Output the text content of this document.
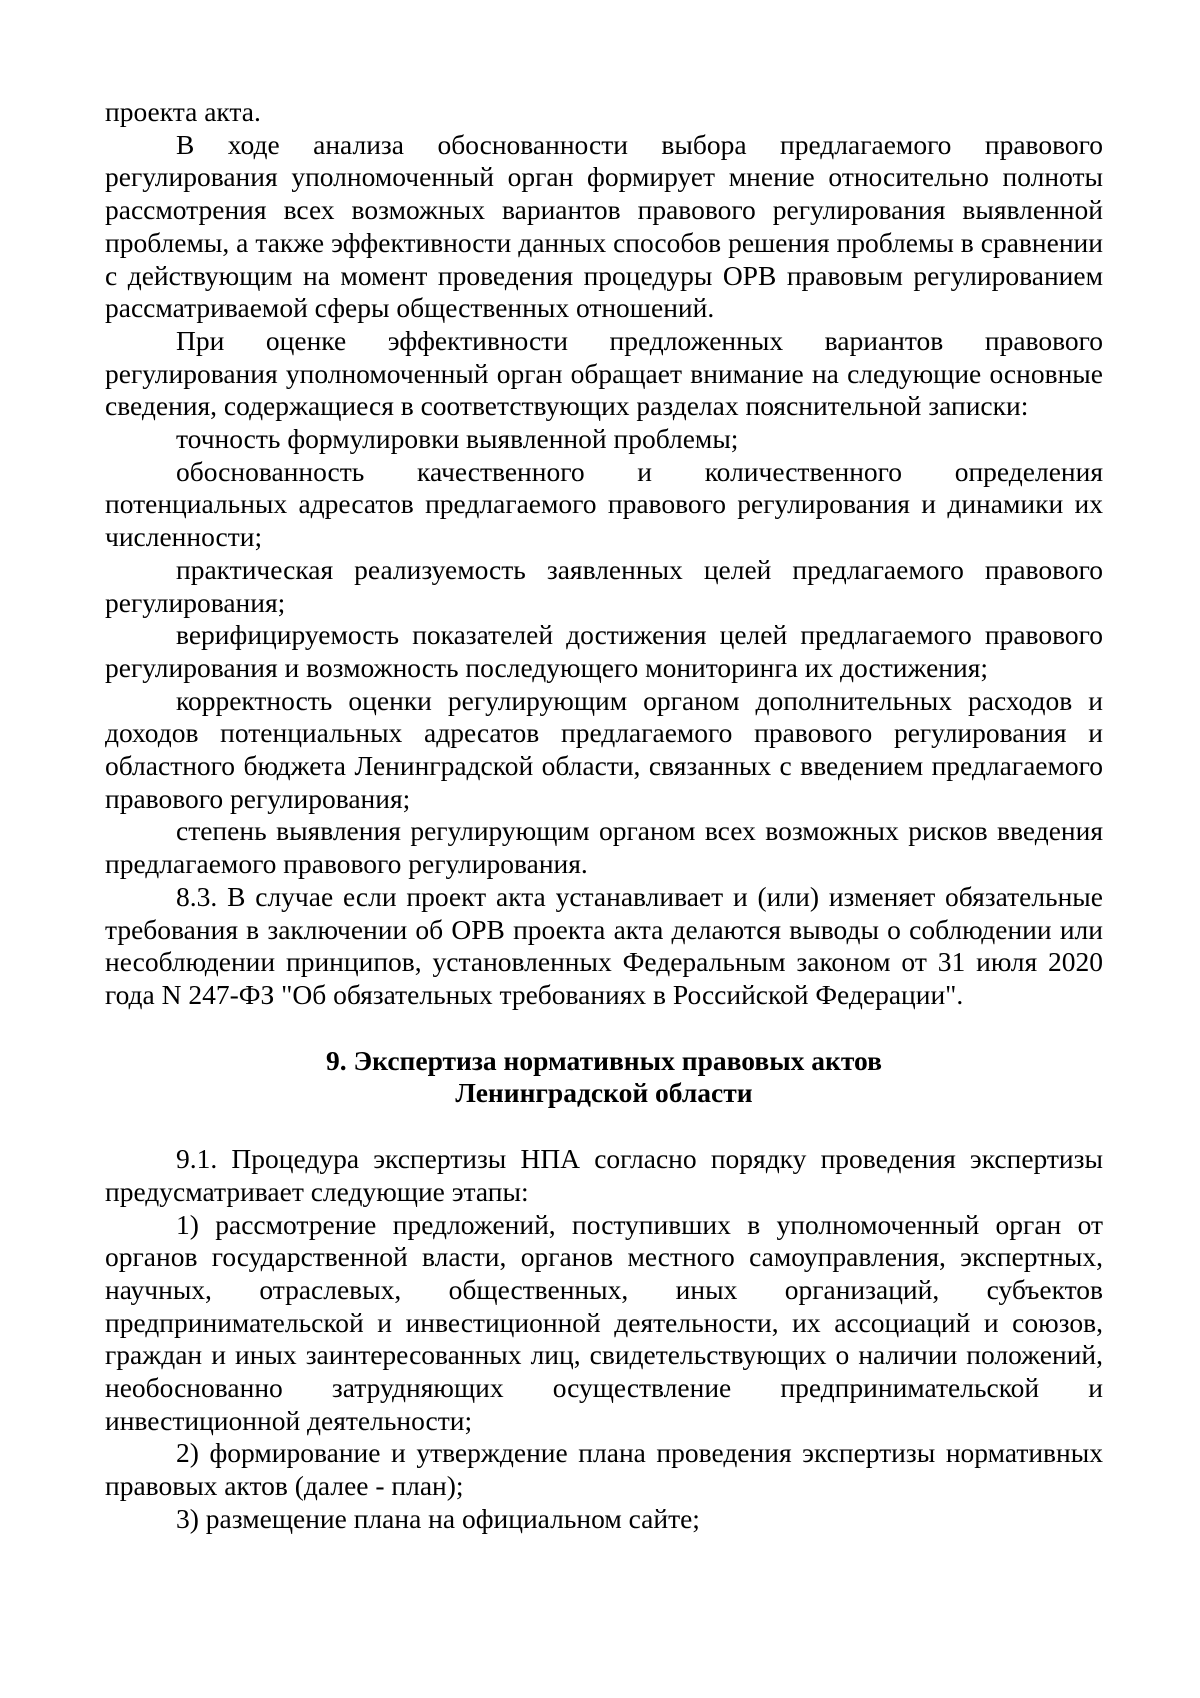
проекта акта.

В ходе анализа обоснованности выбора предлагаемого правового регулирования уполномоченный орган формирует мнение относительно полноты рассмотрения всех возможных вариантов правового регулирования выявленной проблемы, а также эффективности данных способов решения проблемы в сравнении с действующим на момент проведения процедуры ОРВ правовым регулированием рассматриваемой сферы общественных отношений.

При оценке эффективности предложенных вариантов правового регулирования уполномоченный орган обращает внимание на следующие основные сведения, содержащиеся в соответствующих разделах пояснительной записки:

точность формулировки выявленной проблемы;

обоснованность качественного и количественного определения потенциальных адресатов предлагаемого правового регулирования и динамики их численности;

практическая реализуемость заявленных целей предлагаемого правового регулирования;

верифицируемость показателей достижения целей предлагаемого правового регулирования и возможность последующего мониторинга их достижения;

корректность оценки регулирующим органом дополнительных расходов и доходов потенциальных адресатов предлагаемого правового регулирования и областного бюджета Ленинградской области, связанных с введением предлагаемого правового регулирования;

степень выявления регулирующим органом всех возможных рисков введения предлагаемого правового регулирования.

8.3. В случае если проект акта устанавливает и (или) изменяет обязательные требования в заключении об ОРВ проекта акта делаются выводы о соблюдении или несоблюдении принципов, установленных Федеральным законом от 31 июля 2020 года N 247-ФЗ "Об обязательных требованиях в Российской Федерации".

9. Экспертиза нормативных правовых актов
Ленинградской области

9.1. Процедура экспертизы НПА согласно порядку проведения экспертизы предусматривает следующие этапы:

1) рассмотрение предложений, поступивших в уполномоченный орган от органов государственной власти, органов местного самоуправления, экспертных, научных, отраслевых, общественных, иных организаций, субъектов предпринимательской и инвестиционной деятельности, их ассоциаций и союзов, граждан и иных заинтересованных лиц, свидетельствующих о наличии положений, необоснованно затрудняющих осуществление предпринимательской и инвестиционной деятельности;

2) формирование и утверждение плана проведения экспертизы нормативных правовых актов (далее - план);

3) размещение плана на официальном сайте;
